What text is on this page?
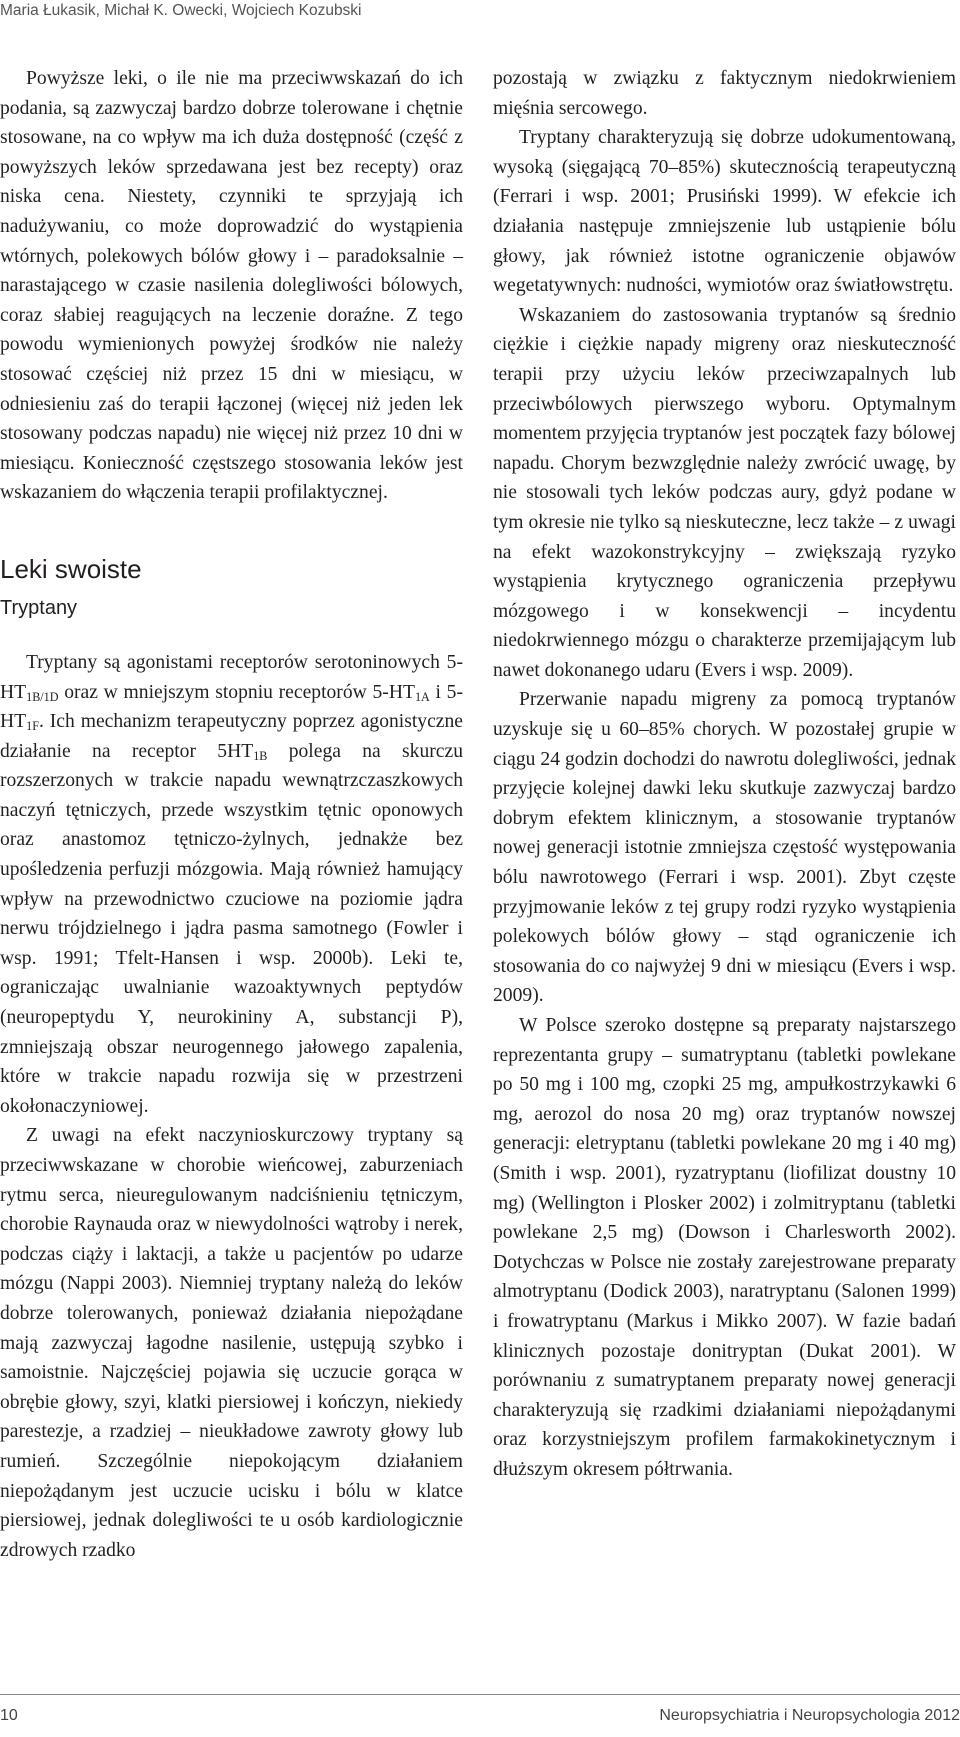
Maria Łukasik, Michał K. Owecki, Wojciech Kozubski

Powyższe leki, o ile nie ma przeciwwskazań do ich podania, są zazwyczaj bardzo dobrze tolerowane i chętnie stosowane, na co wpływ ma ich duża dostępność (część z powyższych leków sprzedawana jest bez recepty) oraz niska cena. Niestety, czynniki te sprzyjają ich nadużywaniu, co może doprowadzić do wystąpienia wtórnych, polekowych bólów głowy i – paradoksalnie – narastającego w czasie nasilenia dolegliwości bólowych, coraz słabiej reagujących na leczenie doraźne. Z tego powodu wymienionych powyżej środków nie należy stosować częściej niż przez 15 dni w miesiącu, w odniesieniu zaś do terapii łączonej (więcej niż jeden lek stosowany podczas napadu) nie więcej niż przez 10 dni w miesiącu. Konieczność częstszego stosowania leków jest wskazaniem do włączenia terapii profilaktycznej.

Leki swoiste
Tryptany

Tryptany są agonistami receptorów serotoninowych $5-HT_{1B/1D}$ oraz w mniejszym stopniu receptorów $5-HT_{1A}$ i $5-HT_{1F}$. Ich mechanizm terapeutyczny poprzez agonistyczne działanie na receptor $5HT_{1B}$ polega na skurczu rozszerzonych w trakcie napadu wewnątrzczaszkowych naczyń tętniczych, przede wszystkim tętnic oponowych oraz anastomoz tętniczo-żylnych, jednakże bez upośledzenia perfuzji mózgowia. Mają również hamujący wpływ na przewodnictwo czuciowe na poziomie jądra nerwu trójdzielnego i jądra pasma samotnego (Fowler i wsp. 1991; Tfelt-Hansen i wsp. 2000b). Leki te, ograniczając uwalnianie wazoaktywnych peptydów (neuropeptydu Y, neurokininy A, substancji P), zmniejszają obszar neurogennego jałowego zapalenia, które w trakcie napadu rozwija się w przestrzeni okołonaczyniowej.

Z uwagi na efekt naczynioskurczowy tryptany są przeciwwskazane w chorobie wieńcowej, zaburzeniach rytmu serca, nieuregulowanym nadciśnieniu tętniczym, chorobie Raynauda oraz w niewydolności wątroby i nerek, podczas ciąży i laktacji, a także u pacjentów po udarze mózgu (Nappi 2003). Niemniej tryptany należą do leków dobrze tolerowanych, ponieważ działania niepożądane mają zazwyczaj łagodne nasilenie, ustępują szybko i samoistnie. Najczęściej pojawia się uczucie gorąca w obrębie głowy, szyi, klatki piersiowej i kończyn, niekiedy parestezje, a rzadziej – nieukładowe zawroty głowy lub rumień. Szczególnie niepokojącym działaniem niepożądanym jest uczucie ucisku i bólu w klatce piersiowej, jednak dolegliwości te u osób kardiologicznie zdrowych rzadko

pozostają w związku z faktycznym niedokrwieniem mięśnia sercowego.

Tryptany charakteryzują się dobrze udokumentowaną, wysoką (sięgającą 70–85%) skutecznością terapeutyczną (Ferrari i wsp. 2001; Prusiński 1999). W efekcie ich działania następuje zmniejszenie lub ustąpienie bólu głowy, jak również istotne ograniczenie objawów wegetatywnych: nudności, wymiotów oraz światłowstrętu.

Wskazaniem do zastosowania tryptanów są średnio ciężkie i ciężkie napady migreny oraz nieskuteczność terapii przy użyciu leków przeciwzapalnych lub przeciwbólowych pierwszego wyboru. Optymalnym momentem przyjęcia tryptanów jest początek fazy bólowej napadu. Chorym bezwzględnie należy zwrócić uwagę, by nie stosowali tych leków podczas aury, gdyż podane w tym okresie nie tylko są nieskuteczne, lecz także – z uwagi na efekt wazokonstrykcyjny – zwiększają ryzyko wystąpienia krytycznego ograniczenia przepływu mózgowego i w konsekwencji – incydentu niedokrwiennego mózgu o charakterze przemijającym lub nawet dokonanego udaru (Evers i wsp. 2009).

Przerwanie napadu migreny za pomocą tryptanów uzyskuje się u 60–85% chorych. W pozostałej grupie w ciągu 24 godzin dochodzi do nawrotu dolegliwości, jednak przyjęcie kolejnej dawki leku skutkuje zazwyczaj bardzo dobrym efektem klinicznym, a stosowanie tryptanów nowej generacji istotnie zmniejsza częstość występowania bólu nawrotowego (Ferrari i wsp. 2001). Zbyt częste przyjmowanie leków z tej grupy rodzi ryzyko wystąpienia polekowych bólów głowy – stąd ograniczenie ich stosowania do co najwyżej 9 dni w miesiącu (Evers i wsp. 2009).

W Polsce szeroko dostępne są preparaty najstarszego reprezentanta grupy – sumatryptanu (tabletki powlekane po 50 mg i 100 mg, czopki 25 mg, ampułkostrzykawki 6 mg, aerozol do nosa 20 mg) oraz tryptanów nowszej generacji: eletryptanu (tabletki powlekane 20 mg i 40 mg) (Smith i wsp. 2001), ryzatryptanu (liofilizat doustny 10 mg) (Wellington i Plosker 2002) i zolmitryptanu (tabletki powlekane 2,5 mg) (Dowson i Charlesworth 2002). Dotychczas w Polsce nie zostały zarejestrowane preparaty almotryptanu (Dodick 2003), naratryptanu (Salonen 1999) i frowatryptanu (Markus i Mikko 2007). W fazie badań klinicznych pozostaje donitryptan (Dukat 2001). W porównaniu z sumatryptanem preparaty nowej generacji charakteryzują się rzadkimi działaniami niepożądanymi oraz korzystniejszym profilem farmakokinetycznym i dłuższym okresem półtrwania.

10	Neuropsychiatria i Neuropsychologia 2012
